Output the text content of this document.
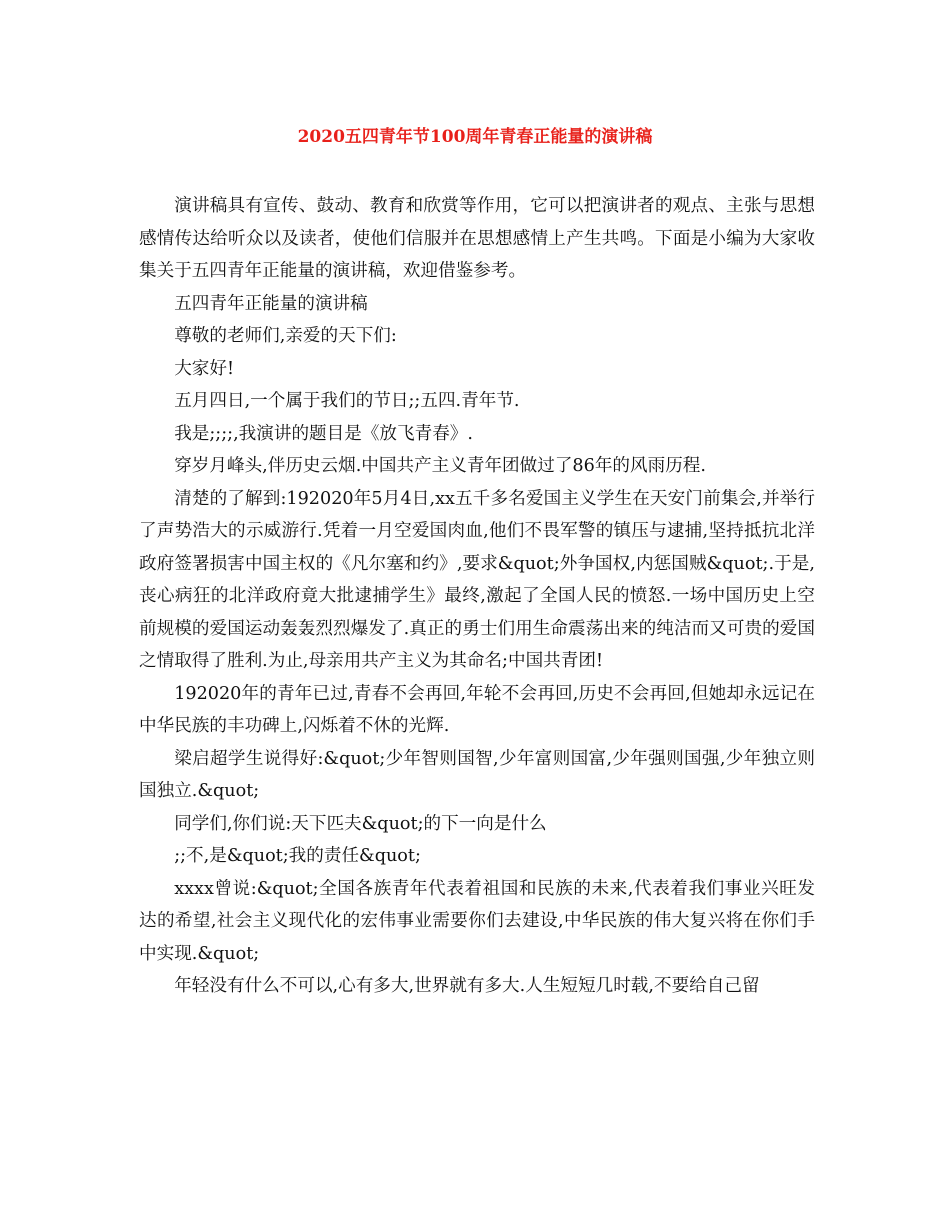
2020五四青年节100周年青春正能量的演讲稿

演讲稿具有宣传、鼓动、教育和欣赏等作用，它可以把演讲者的观点、主张与思想感情传达给听众以及读者，使他们信服并在思想感情上产生共鸣。下面是小编为大家收集关于五四青年正能量的演讲稿，欢迎借鉴参考。

五四青年正能量的演讲稿

尊敬的老师们,亲爱的天下们:

大家好!

五月四日,一个属于我们的节日;;五四.青年节.

我是;;;;,我演讲的题目是《放飞青春》.

穿岁月峰头,伴历史云烟.中国共产主义青年团做过了86年的风雨历程.

清楚的了解到:192020年5月4日,xx五千多名爱国主义学生在天安门前集会,并举行了声势浩大的示威游行.凭着一月空爱国肉血,他们不畏军警的镇压与逮捕,坚持抵抗北洋政府签署损害中国主权的《凡尔塞和约》,要求&quot;外争国权,内惩国贼&quot;.于是,丧心病狂的北洋政府竟大批逮捕学生》最终,激起了全国人民的愤怒.一场中国历史上空前规模的爱国运动轰轰烈烈爆发了.真正的勇士们用生命震荡出来的纯洁而又可贵的爱国之情取得了胜利.为止,母亲用共产主义为其命名;中国共青团!

192020年的青年已过,青春不会再回,年轮不会再回,历史不会再回,但她却永远记在中华民族的丰功碑上,闪烁着不休的光辉.

梁启超学生说得好:&quot;少年智则国智,少年富则国富,少年强则国强,少年独立则国独立.&quot;

同学们,你们说:天下匹夫&quot;的下一向是什么

;;不,是&quot;我的责任&quot;

xxxx曾说:&quot;全国各族青年代表着祖国和民族的未来,代表着我们事业兴旺发达的希望,社会主义现代化的宏伟事业需要你们去建设,中华民族的伟大复兴将在你们手中实现.&quot;

年轻没有什么不可以,心有多大,世界就有多大.人生短短几时载,不要给自己留
